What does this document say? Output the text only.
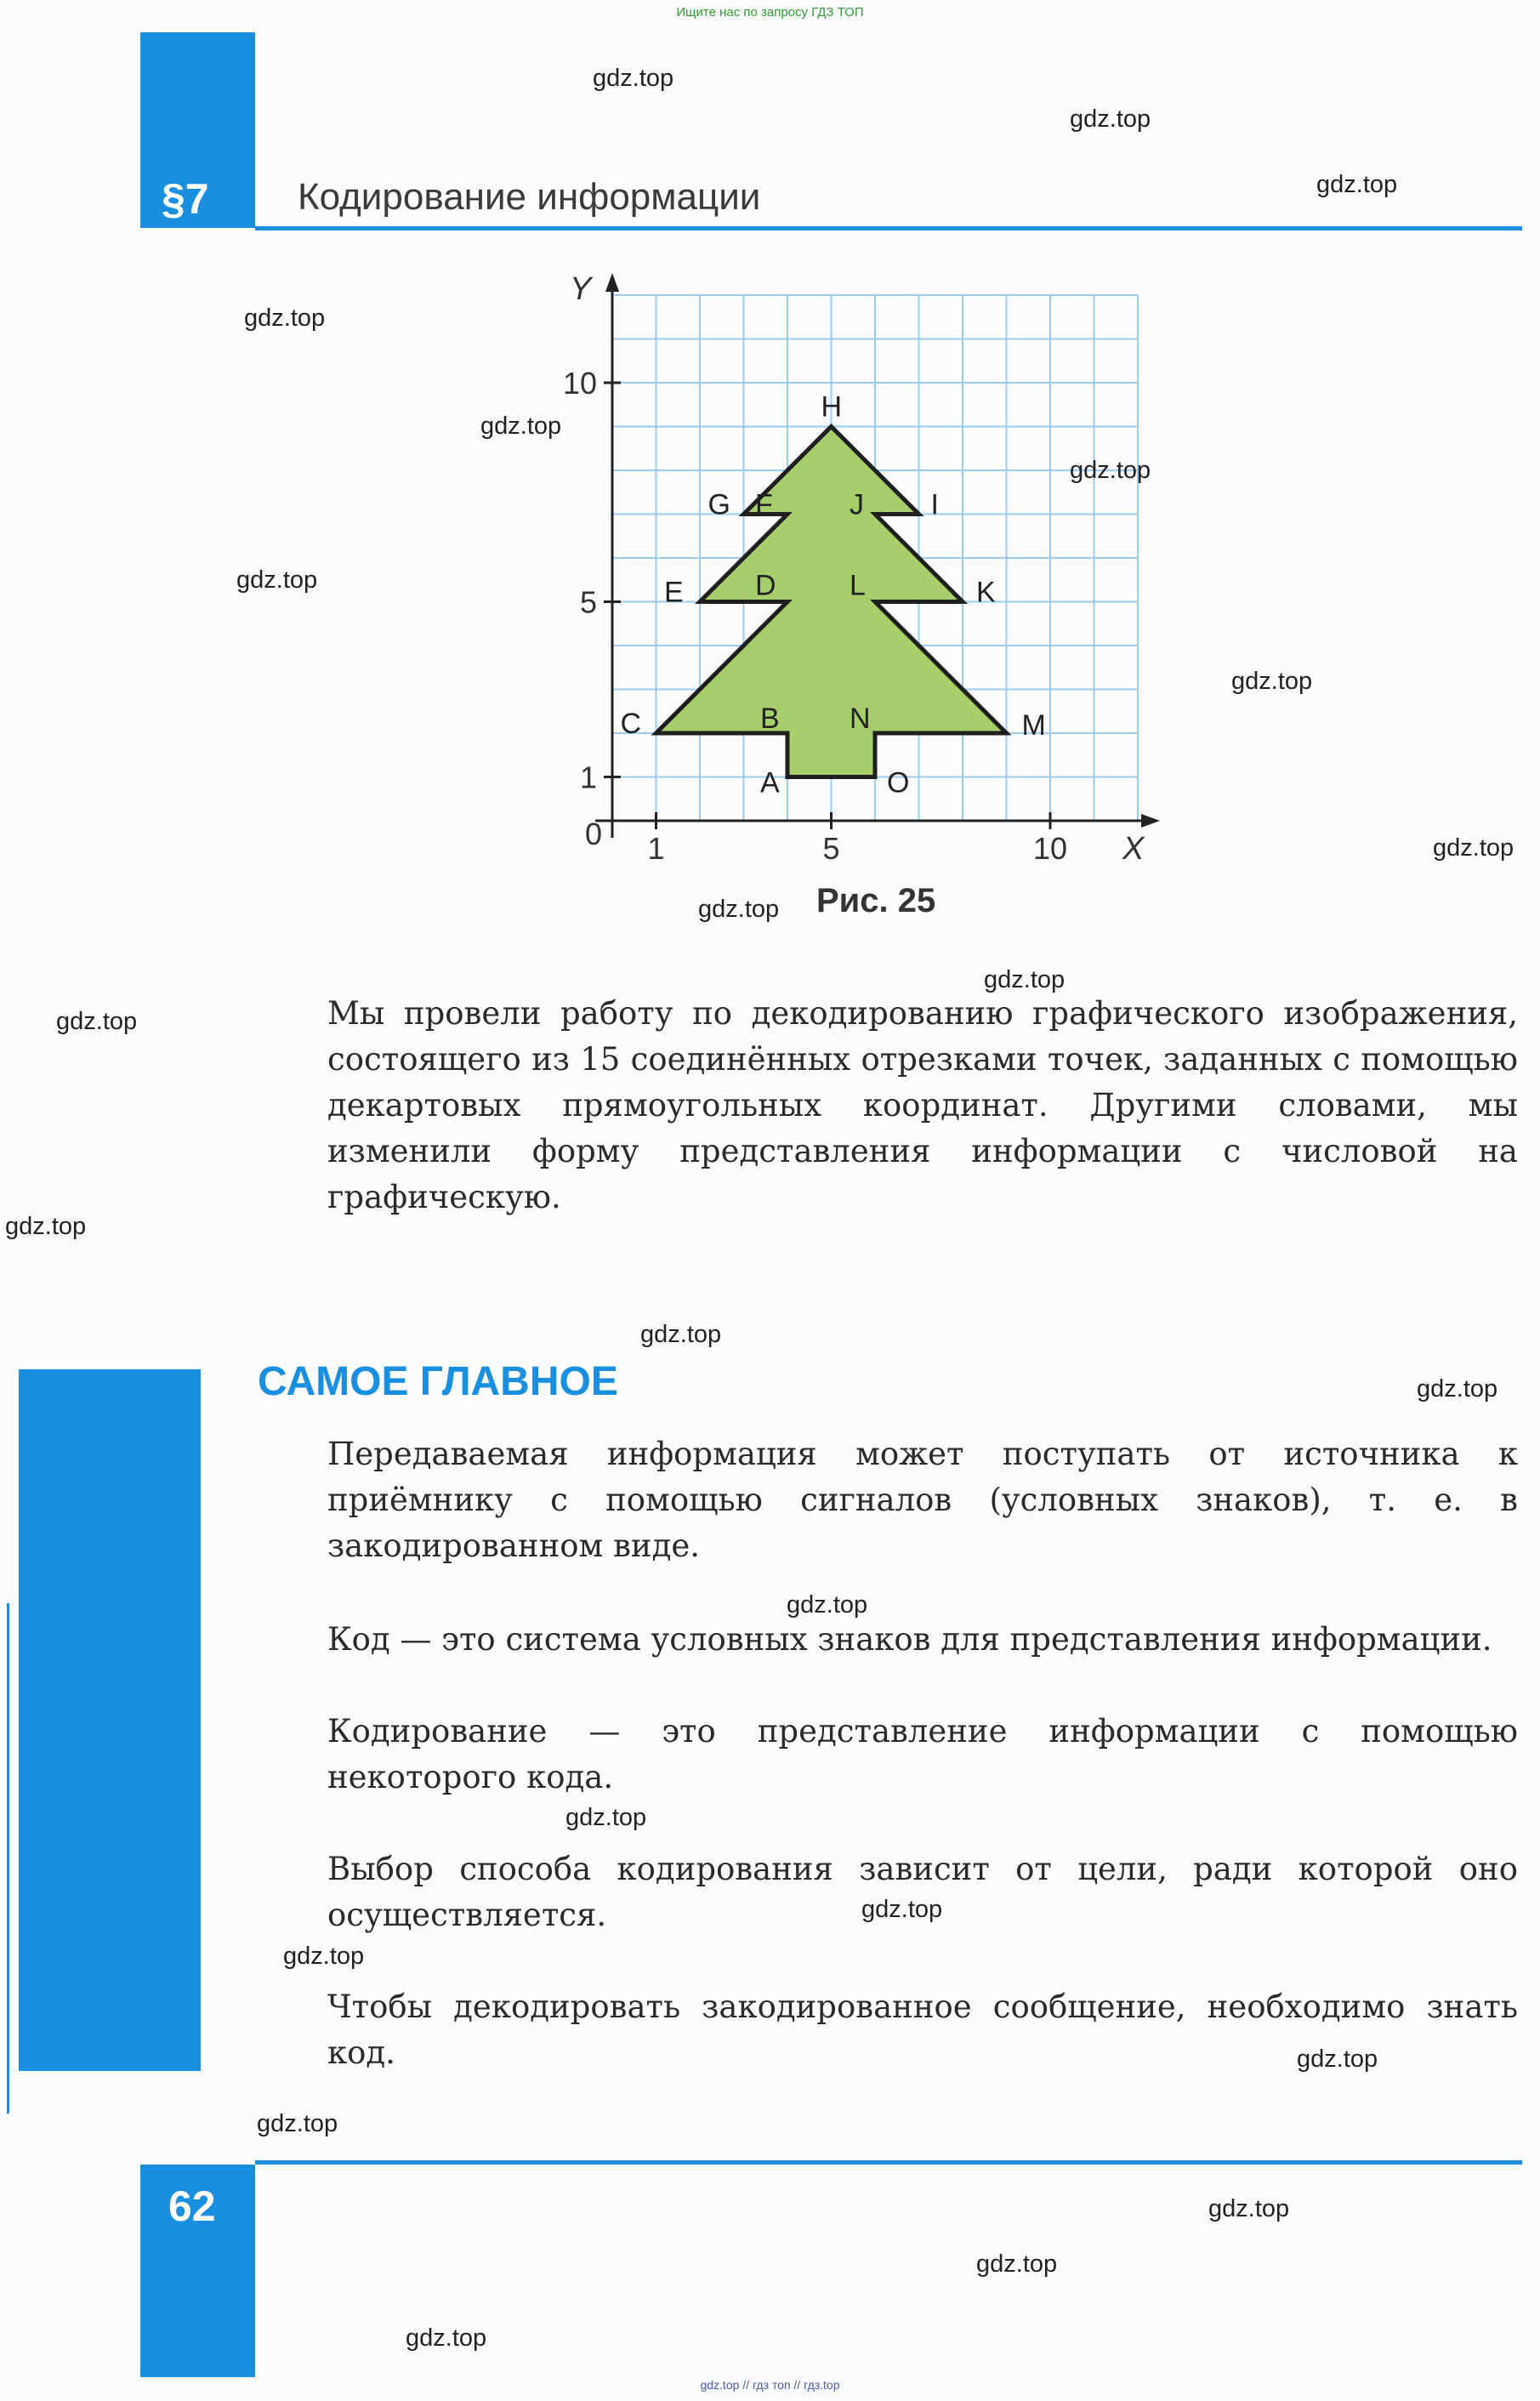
Ищите нас по запросу ГДЗ ТОП
§7 Кодирование информации
1	5	10
1
5
10
A
B
C
D
E
F
G
H
I
J
K
L
M
N
O
X
Y
0
Рис. 25
Мы провели работу по декодированию графического изображения, состоящего из 15 соединённых отрезками точек, заданных с помощью декартовых прямоугольных координат. Другими словами, мы изменили форму представления информации с числовой на графическую.
САМОЕ ГЛАВНОЕ
Передаваемая информация может поступать от источника к приёмнику с помощью сигналов (условных знаков), т. е. в закодированном виде.
Код — это система условных знаков для представления информации.
Кодирование — это представление информации с помощью некоторого кода.
Выбор способа кодирования зависит от цели, ради которой оно осуществляется.
Чтобы декодировать закодированное сообщение, необходимо знать код.
62
gdz.top
gdz.top
gdz.top
gdz.top
gdz.top
gdz.top
gdz.top
gdz.top
gdz.top
gdz.top
gdz.top
gdz.top
gdz.top
gdz.top
gdz.top
gdz.top
gdz.top
gdz.top
gdz.top
gdz.top
gdz.top
gdz.top
gdz.top
gdz.top
gdz.top // гдз топ // гдз.top
